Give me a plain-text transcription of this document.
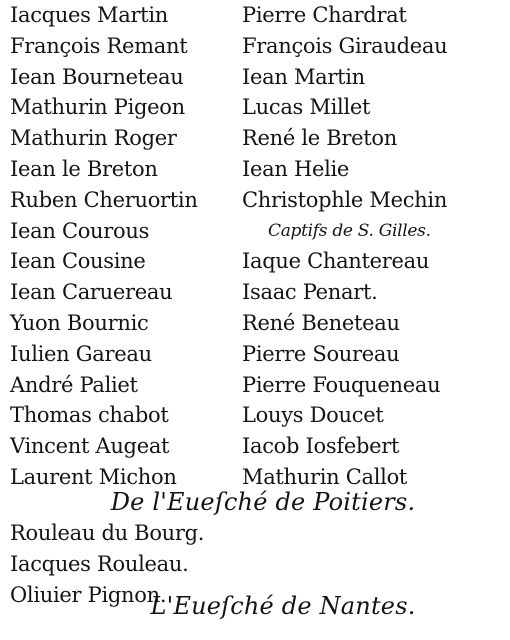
Iacques Martin
François Remant
Iean Bourneteau
Mathurin Pigeon
Mathurin Roger
Iean le Breton
Ruben Cheruortin
Iean Courous
Iean Cousine
Iean Caruereau
Yuon Bournic
Iulien Gareau
André Paliet
Thomas chabot
Vincent Augeat
Laurent Michon
Pierre Chardrat
François Giraudeau
Iean Martin
Lucas Millet
René le Breton
Iean Helie
Christophle Mechin
Captifs de S. Gilles.
Iaque Chantereau
Isaac Penart.
René Beneteau
Pierre Soureau
Pierre Fouqueneau
Louys Doucet
Iacob Iosfebert
Mathurin Callot
De l'Eueſché de Poitiers.
Rouleau du Bourg.
Iacques Rouleau.
Oliuier Pignon.
L'Eueſché de Nantes.
